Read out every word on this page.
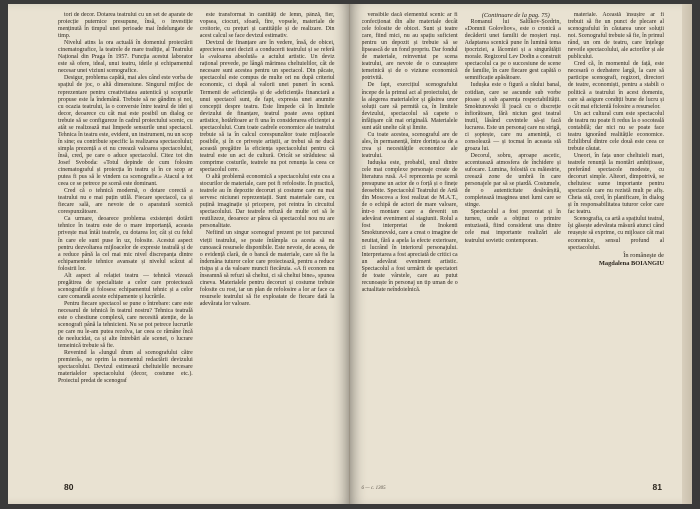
tori de decor. Dotarea teatrului cu un set de aparate de proiecție puternice presupune, însă, o investiție menținută în timpul unei perioade mai îndelungate de timp.

Nivelul atins la ora actuală în domeniul proiectării cinematografice, la teatrele de mare tradiție, al Teatrului Național din Praga în 1957. Funcția acestui laborator este să ofere, ideal, unui teatru, ideile și echipamentul necesar unei viziuni scenografice.

Desigur, problema capătă, mai ales când este vorba de spațiul de joc, o altă dimensiune. Singurul mijloc de reprezentare pentru creativitatea autentică și scopurile propuse este la îndemână. Trebuie să ne gândim și noi, cu ocazia teatrului, la o conversie între teatrul de idei și decor, deoarece cu cât mai este posibil un dialog ce trebuie să se configureze în cadrul proiectului scenic, cu atât se realizează mai limpede sensurile unui spectacol. Tehnica în teatru este, evident, un instrument, nu un scop în sine; ea contribuie specific la realizarea spectacolului; simpla prezență a ei nu creează valoarea spectacolului, însă, cred, pe care o aduce spectacolul. Citez tot din Josef Svoboda: «Totul depinde de cum folosim cinematograful și proiecția în teatru și în ce scop ar putea fi pus să le vindem ca scenografie.» Atacul a tot ceea ce se petrece pe scenă este dominant.

Cred că o tehnică modernă, o dotare corectă a teatrului nu e mai puțin utilă. Fiecare spectacol, ca și fiecare sală, are nevoie de o aparatură scenică corespunzătoare.

Ca urmare, deoarece problema existenței dotării tehnice în teatru este de o mare importanță, aceasta privește mai întâi teatrele, cu dotarea lor, cât și cu felul în care ele sunt puse în uz, folosite. Acestui aspect pentru dezvoltarea mijloacelor de expresie teatrală și de a reduce până la cel mai mic nivel discrepanța dintre echipamentele tehnice avansate și nivelul scăzut al folosirii lor.

Alt aspect al relației teatru — tehnică vizează pregătirea de specialitate a celor care proiectează scenografiile și folosesc echipamentul tehnic și a celor care comandă aceste echipamente și lucrările.

Pentru fiecare spectacol se pune o întrebare: care este necesarul de tehnică în teatrul nostru? Tehnica teatrală este o chestiune complexă, care necesită atenție, de la scenografi până la tehnicieni. Nu se pot petrece lucrurile pe care nu le-am putea rezolva, iar ceea ce rămâne încă de neelucidat, ca și alte întrebări ale scenei, o lucrare temeinică trebuie să fie.

Revenind la «lungul drum al scenografului către premieră», ne oprim la momentul redactării devizului spectacolului. Devizul estimează cheltuielile necesare materialelor spectacolului (decor, costume etc.). Proiectul predat de scenograf

este transformat în cantități de lemn, pânză, fier, vopsea, ciocuri, sfoară, fire, vopsele, materiale de croitorie, cu prețuri și cantitățile și de realizare. Din acest calcul se face devizul estimativ.

Devizul de finanțare are în vedere, însă, de obicei, aprecierea unei decizii a conducerii teatrului și se referă la «valoarea absolută» a actului artistic. Un deviz rațional prevede, pe lângă mărimea cheltuielilor, cât de necesare sunt acestea pentru un spectacol. Din păcate, spectacolul este compus de multe ori nu după criteriul economic, ci după al valorii unei puneri în scenă. Termenii de «eficiență» și de «deficiență» financiară a unui spectacol sunt, de fapt, expresia unei anumite concepții despre teatru. Este limpede că în limitele devizului de finanțare, teatrul poate avea opțiuni artistice, hotărîtoare ar fi una în considerarea eficienței a spectacolului. Cum toate cadrele economice ale teatrului trebuie să ia în calcul corespunzător toate mijloacele posibile, și în ce privește artiștii, ar trebui să ne ducă această pregătire la eficiența spectacolului pentru că teatrul este un act de cultură. Oricât se străduiesc să comprime costurile, teatrele nu pot renunța la ceea ce spectacolul cere.

O altă problemă economică a spectacolului este cea a stocurilor de materiale, care pot fi refolosite. În practică, teatrele au în depozite decoruri și costume care nu mai servesc niciunei reprezentații. Sunt materiale care, cu puțină imaginație și pricepere, pot reintra în circuitul spectacolului. Dar teatrele refuză de multe ori să le reutilizeze, deoarece ar părea că spectacolul nou nu are personalitate.

Nefiind un singur scenograf prezent pe tot parcursul vieții teatrului, se poate întâmpla ca acesta să nu cunoască resursele disponibile. Este nevoie, de aceea, de o evidență clară, de o bancă de materiale, care să fie la îndemâna tuturor celor care proiectează, pentru a reduce risipa și a da valoare muncii fiecăruia. «A fi econom nu înseamnă să refuzi să cheltui, ci să cheltui bine», spunea cineva. Materialele pentru decoruri și costume trebuie folosite cu rost, iar un plan de refolosire a lor ar face ca resursele teatrului să fie exploatate de fiecare dată la adevărata lor valoare.

80

vensibile dacă elementul scenic ar fi confecționat din alte materiale decât cele folosite de obicei. Sunt și teatre care, fiind mici, nu au spațiu suficient pentru un depozit și trebuie să se lipsească de un fond propriu. Dar fondul de materiale, reinventat pe scena teatrului, are nevoie de o cunoaștere temeinică și de o viziune economică potrivită.

De fapt, exercițiul scenografului începe de la primul act al proiectului, de la alegerea materialelor și găsirea unor soluții care să permită ca, în limitele devizului, spectacolul să capete o înfățișare cât mai originală. Materialele sunt atât unelte cât și limite.

Cu toate acestea, scenograful are de ales, în permanență, între dorința sa de a crea și necesitățile economice ale teatrului.

Iudușka este, probabil, unul dintre cele mai complexe personaje create de literatura rusă. A-l reprezenta pe scenă presupune un actor de o forță și o finețe deosebite. Spectacolul Teatrului de Artă din Moscova a fost realizat de M.A.T., de o echipă de actori de mare valoare, într-o montare care a devenit un adevărat eveniment al stagiunii. Rolul a fost interpretat de Inokenti Smoktunovski, care a creat o imagine de neuitat, fără a apela la efecte exterioare, ci lucrând în interiorul personajului. Interpretarea a fost apreciată de critici ca un adevărat eveniment artistic. Spectacolul a fost urmărit de spectatori de toate vârstele, care au putut recunoaște în personaj un tip uman de o actualitate neîndoielnică.

(Continuare de la pag. 75)

Romanul lui Saltîkov-Șcedrin, «Domnii Golovliov», este o cronică a decăderii unei familii de moșieri ruși. Adaptarea scenică pune în lumină tema ipocriziei, a lăcomiei și a singurătății morale. Regizorul Lev Dodin a construit spectacolul ca pe o succesiune de scene de familie, în care fiecare gest capătă o semnificație apăsătoare.

Iudușka este o figură a răului banal, cotidian, care se ascunde sub vorbe pioase și sub aparența respectabilității. Smoktunovski îl joacă cu o discreție înfiorătoare, fără niciun gest teatral inutil, lăsând cuvintele să-și facă lucrarea. Este un personaj care nu strigă, ci șoptește, care nu amenință, ci consolează — și tocmai în aceasta stă groaza lui.

Decorul, sobru, aproape ascetic, accentuează atmosfera de închidere și sufocare. Lumina, folosită cu măiestrie, creează zone de umbră în care personajele par să se piardă. Costumele, de o autenticitate desăvârșită, completează imaginea unei lumi care se stinge.

Spectacolul a fost prezentat și în turneu, unde a obținut o primire entuziastă, fiind considerat una dintre cele mai importante realizări ale teatrului sovietic contemporan.

materiale. Această însușire ar fi trebuit să fie un punct de plecare al scenografului în căutarea unor soluții noi. Scenograful trebuie să fie, în primul rând, un om de teatru, care înțelege nevoile spectacolului, ale actorilor și ale publicului.

Cred că, în momentul de față, este necesară o dezbatere largă, la care să participe scenografi, regizori, directori de teatre, economiști, pentru a stabili o politică a teatrului în acest domeniu, care să asigure condiții bune de lucru și o cât mai eficientă folosire a resurselor.

Un act cultural cum este spectacolul de teatru nu poate fi redus la o socoteală contabilă; dar nici nu se poate face teatru ignorând realitățile economice. Echilibrul dintre cele două este ceea ce trebuie căutat.

Uneori, în fața unor cheltuieli mari, teatrele renunță la montări ambițioase, preferând spectacole modeste, cu decoruri simple. Alteori, dimpotrivă, se cheltuiesc sume importante pentru spectacole care nu rezistă mult pe afiș. Cheia stă, cred, în planificare, în dialog și în responsabilitatea tuturor celor care fac teatru.

Scenografia, ca artă a spațiului teatral, își găsește adevărata măsură atunci când reușește să exprime, cu mijloace cât mai economice, sensul profund al spectacolului.

În româneşte de
Magdalena BOIANGIU

6 — c. 1305	81
